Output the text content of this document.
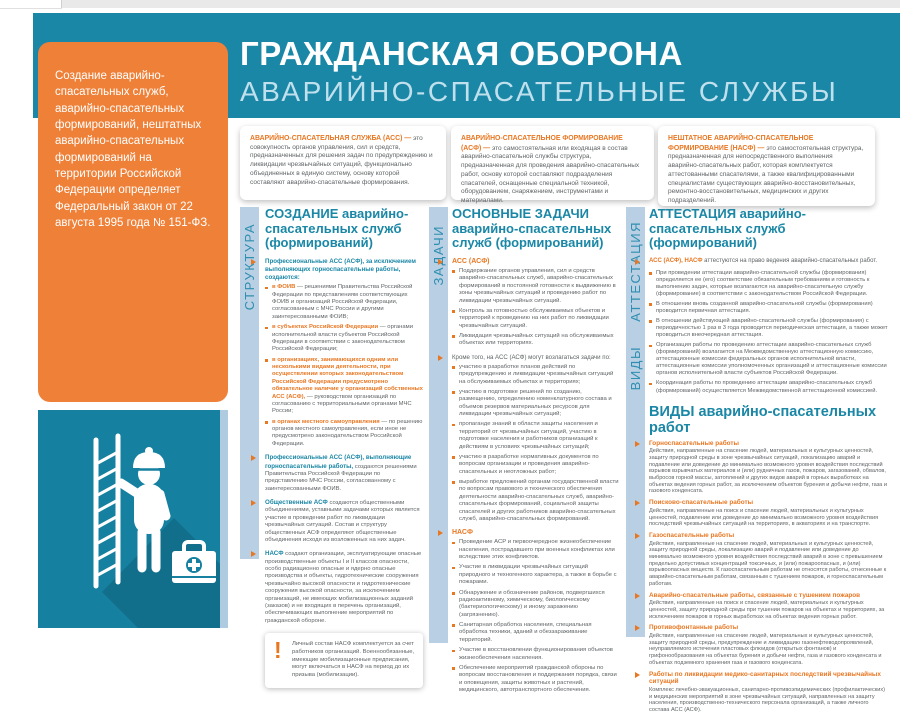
ГРАЖДАНСКАЯ ОБОРОНА
АВАРИЙНО-СПАСАТЕЛЬНЫЕ СЛУЖБЫ

Создание аварийно-спасательных служб, аварийно-спасательных формирований, нештатных аварийно-спасательных формирований на территории Российской Федерации определяет Федеральный закон от 22 августа 1995 года № 151-ФЗ.

АВАРИЙНО-СПАСАТЕЛЬНАЯ СЛУЖБА (АСС) — это совокупность органов управления, сил и средств, предназначенных для решения задач по предупреждению и ликвидации чрезвычайных ситуаций, функционально объединенных в единую систему, основу которой составляют аварийно-спасательные формирования.

АВАРИЙНО-СПАСАТЕЛЬНОЕ ФОРМИРОВАНИЕ (АСФ) — это самостоятельная или входящая в состав аварийно-спасательной службы структура, предназначенная для проведения аварийно-спасательных работ, основу которой составляют подразделения спасателей, оснащенные специальной техникой, оборудованием, снаряжением, инструментами и материалами.

НЕШТАТНОЕ АВАРИЙНО-СПАСАТЕЛЬНОЕ ФОРМИРОВАНИЕ (НАСФ) — это самостоятельная структура, предназначенная для непосредственного выполнения аварийно-спасательных работ, которая комплектуется аттестованными спасателями, а также квалифицированными специалистами существующих аварийно-восстановительных, ремонтно-восстановительных, медицинских и других подразделений.

СТРУКТУРА	ЗАДАЧИ	АТТЕСТАЦИЯ
ВИДЫ
СОЗДАНИЕ аварийно-спасательных служб (формирований)

Профессиональные АСС (АСФ), за исключением выполняющих горноспасательные работы, создаются:

в ФОИВ — решениями Правительства Российской Федерации по представлениям соответствующих ФОИВ и организаций Российской Федерации, согласованным с МЧС России и другими заинтересованными ФОИВ;

в субъектах Российской Федерации — органами исполнительной власти субъектов Российской Федерации в соответствии с законодательством Российской Федерации;

в организациях, занимающихся одним или несколькими видами деятельности, при осуществлении которых законодательством Российской Федерации предусмотрено обязательное наличие у организаций собственных АСС (АСФ), — руководством организаций по согласованию с территориальными органами МЧС России;

в органах местного самоуправления — по решению органов местного самоуправления, если иное не предусмотрено законодательством Российской Федерации.

Профессиональные АСС (АСФ), выполняющие горноспасательные работы, создаются решениями Правительства Российской Федерации по представлению МЧС России, согласованному с заинтересованными ФОИВ.

Общественные АСФ создаются общественными объединениями, уставными задачами которых является участие в проведении работ по ликвидации чрезвычайных ситуаций. Состав и структуру общественных АСФ определяют общественные объединения исходя из возложенных на них задач.

НАСФ создают организации, эксплуатирующие опасные производственные объекты I и II классов опасности, особо радиационно опасные и ядерно опасные производства и объекты, гидротехнические сооружения чрезвычайно высокой опасности и гидротехнические сооружения высокой опасности, за исключением организаций, не имеющих мобилизационных заданий (заказов) и не входящих в перечень организаций, обеспечивающих выполнение мероприятий по гражданской обороне.

! Личный состав НАСФ комплектуется за счет работников организаций. Военнообязанные, имеющие мобилизационные предписания, могут включаться в НАСФ на период до их призыва (мобилизации).

ОСНОВНЫЕ ЗАДАЧИ аварийно-спасательных служб (формирований)

АСС (АСФ)

Поддержание органов управления, сил и средств аварийно-спасательных служб, аварийно-спасательных формирований в постоянной готовности к выдвижению в зоны чрезвычайных ситуаций и проведению работ по ликвидации чрезвычайных ситуаций.

Контроль за готовностью обслуживаемых объектов и территорий к проведению на них работ по ликвидации чрезвычайных ситуаций.

Ликвидация чрезвычайных ситуаций на обслуживаемых объектах или территориях.

Кроме того, на АСС (АСФ) могут возлагаться задачи по:

участию в разработке планов действий по предупреждению и ликвидации чрезвычайных ситуаций на обслуживаемых объектах и территориях;

участию в подготовке решений по созданию, размещению, определению номенклатурного состава и объемов резервов материальных ресурсов для ликвидации чрезвычайных ситуаций;

пропаганде знаний в области защиты населения и территорий от чрезвычайных ситуаций, участию в подготовке населения и работников организаций к действиям в условиях чрезвычайных ситуаций;

участию в разработке нормативных документов по вопросам организации и проведения аварийно-спасательных и неотложных работ;

выработке предложений органам государственной власти по вопросам правового и технического обеспечения деятельности аварийно-спасательных служб, аварийно-спасательных формирований, социальной защиты спасателей и других работников аварийно-спасательных служб, аварийно-спасательных формирований.

НАСФ

Проведение АСР и первоочередное жизнеобеспечение населения, пострадавшего при военных конфликтах или вследствие этих конфликтов.

Участие в ликвидации чрезвычайных ситуаций природного и техногенного характера, а также в борьбе с пожарами.

Обнаружение и обозначение районов, подвергшихся радиоактивному, химическому, биологическому (бактериологическому) и иному заражению (загрязнению).

Санитарная обработка населения, специальная обработка техники, зданий и обеззараживание территорий.

Участие в восстановлении функционирования объектов жизнеобеспечения населения.

Обеспечение мероприятий гражданской обороны по вопросам восстановления и поддержания порядка, связи и оповещения, защиты животных и растений, медицинского, автотранспортного обеспечения.

АТТЕСТАЦИЯ аварийно-спасательных служб (формирований)

АСС (АСФ), НАСФ аттестуются на право ведения аварийно-спасательных работ.

При проведении аттестации аварийно-спасательной службы (формирования) определяется ее (его) соответствие обязательным требованиям и готовность к выполнению задач, которые возлагаются на аварийно-спасательную службу (формирование) в соответствии с законодательством Российской Федерации.

В отношении вновь созданной аварийно-спасательной службы (формирования) проводится первичная аттестация.

В отношении действующей аварийно-спасательной службы (формирования) с периодичностью 1 раз в 3 года проводится периодическая аттестация, а также может проводиться внеочередная аттестация.

Организация работы по проведению аттестации аварийно-спасательных служб (формирований) возлагается на Межведомственную аттестационную комиссию, аттестационные комиссии федеральных органов исполнительной власти, аттестационные комиссии уполномоченных организаций и аттестационные комиссии органов исполнительной власти субъектов Российской Федерации.

Координация работы по проведению аттестации аварийно-спасательных служб (формирований) осуществляется Межведомственной аттестационной комиссией.

ВИДЫ аварийно-спасательных работ

Горноспасательные работы

Действия, направленные на спасение людей, материальных и культурных ценностей, защиту природной среды в зоне чрезвычайных ситуаций, локализацию аварий и подавление или доведение до минимально возможного уровня воздействия последствий взрывов взрывчатых материалов и (или) рудничных газов, пожаров, загазований, обвалов, выбросов горной массы, затоплений и других видов аварий в горных выработках на объектах ведения горных работ, за исключением объектов бурения и добычи нефти, газа и газового конденсата.

Поисково-спасательные работы

Действия, направленные на поиск и спасение людей, материальных и культурных ценностей, подавление или доведение до минимально возможного уровня воздействия последствий чрезвычайных ситуаций на территориях, в акваториях и на транспорте.

Газоспасательные работы

Действия, направленные на спасение людей, материальных и культурных ценностей, защиту природной среды, локализацию аварий и подавление или доведение до минимально возможного уровня воздействия последствий аварий в зоне с превышением предельно допустимых концентраций токсичных, и (или) пожароопасных, и (или) взрывоопасных веществ. К газоспасательным работам не относятся работы, отнесенные к аварийно-спасательным работам, связанным с тушением пожаров, и горноспасательным работам.

Аварийно-спасательные работы, связанные с тушением пожаров

Действия, направленные на поиск и спасение людей, материальных и культурных ценностей, защиту природной среды при тушении пожаров на объектах и территориях, за исключением пожаров в горных выработках на объектах ведения горных работ.

Противофонтанные работы

Действия, направленные на спасение людей, материальных и культурных ценностей, защиту природной среды, предупреждение и ликвидацию газонефтеводопроявлений, неуправляемого истечения пластовых флюидов (открытых фонтанов) и грифонообразования на объектах бурения и добычи нефти, газа и газового конденсата и объектах подземного хранения газа и газового конденсата.

Работы по ликвидации медико-санитарных последствий чрезвычайных ситуаций

Комплекс лечебно-эвакуационных, санитарно-противоэпидемических (профилактических) и медицинских мероприятий в зоне чрезвычайных ситуаций, направленных на защиту населения, производственно-технического персонала организаций, а также личного состава АСС (АСФ).
